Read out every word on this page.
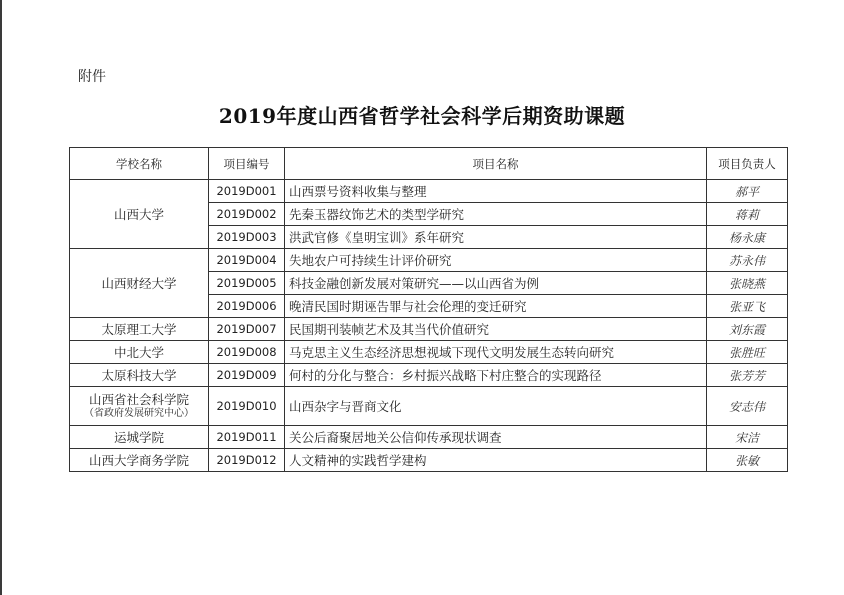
附件
2019年度山西省哲学社会科学后期资助课题
学校名称	项目编号	项目名称	项目负责人

山西大学	2019D001	山西票号资料收集与整理	郝平
	2019D002	先秦玉器纹饰艺术的类型学研究	蒋莉
	2019D003	洪武官修《皇明宝训》系年研究	杨永康

山西财经大学	2019D004	失地农户可持续生计评价研究	苏永伟
	2019D005	科技金融创新发展对策研究——以山西省为例	张晓燕
	2019D006	晚清民国时期诬告罪与社会伦理的变迁研究	张亚飞

太原理工大学	2019D007	民国期刊装帧艺术及其当代价值研究	刘东霞

中北大学	2019D008	马克思主义生态经济思想视域下现代文明发展生态转向研究	张胜旺

太原科技大学	2019D009	何村的分化与整合：乡村振兴战略下村庄整合的实现路径	张芳芳

山西省社会科学院
（省政府发展研究中心）	2019D010	山西杂字与晋商文化	安志伟

运城学院	2019D011	关公后裔聚居地关公信仰传承现状调查	宋洁

山西大学商务学院	2019D012	人文精神的实践哲学建构	张敏
